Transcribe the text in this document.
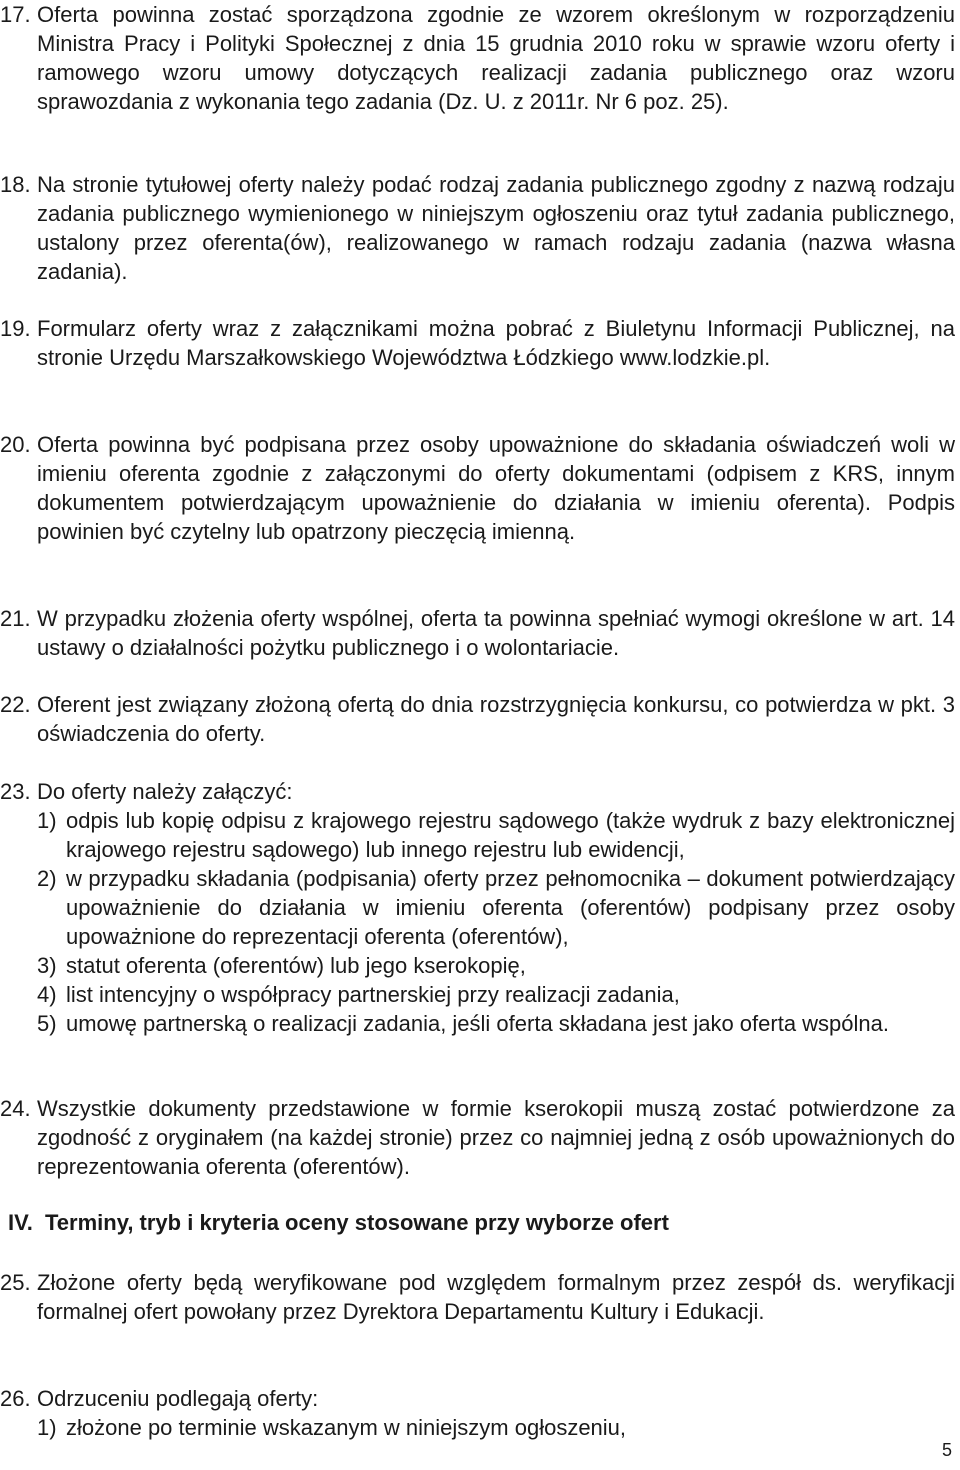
17. Oferta powinna zostać sporządzona zgodnie ze wzorem określonym w rozporządzeniu Ministra Pracy i Polityki Społecznej z dnia 15 grudnia 2010 roku w sprawie wzoru oferty i ramowego wzoru umowy dotyczących realizacji zadania publicznego oraz wzoru sprawozdania z wykonania tego zadania (Dz. U. z 2011r. Nr 6 poz. 25).
18. Na stronie tytułowej oferty należy podać rodzaj zadania publicznego zgodny z nazwą rodzaju zadania publicznego wymienionego w niniejszym ogłoszeniu oraz tytuł zadania publicznego, ustalony przez oferenta(ów), realizowanego w ramach rodzaju zadania (nazwa własna zadania).
19. Formularz oferty wraz z załącznikami można pobrać z Biuletynu Informacji Publicznej, na stronie Urzędu Marszałkowskiego Województwa Łódzkiego www.lodzkie.pl.
20. Oferta powinna być podpisana przez osoby upoważnione do składania oświadczeń woli w imieniu oferenta zgodnie z załączonymi do oferty dokumentami (odpisem z KRS, innym dokumentem potwierdzającym upoważnienie do działania w imieniu oferenta). Podpis powinien być czytelny lub opatrzony pieczęcią imienną.
21. W przypadku złożenia oferty wspólnej, oferta ta powinna spełniać wymogi określone w art. 14 ustawy o działalności pożytku publicznego i o wolontariacie.
22. Oferent jest związany złożoną ofertą do dnia rozstrzygnięcia konkursu, co potwierdza w pkt. 3 oświadczenia do oferty.
23. Do oferty należy załączyć:
1) odpis lub kopię odpisu z krajowego rejestru sądowego (także wydruk z bazy elektronicznej krajowego rejestru sądowego) lub innego rejestru lub ewidencji,
2) w przypadku składania (podpisania) oferty przez pełnomocnika – dokument potwierdzający upoważnienie do działania w imieniu oferenta (oferentów) podpisany przez osoby upoważnione do reprezentacji oferenta (oferentów),
3) statut oferenta (oferentów) lub jego kserokopię,
4) list intencyjny o współpracy partnerskiej przy realizacji zadania,
5) umowę partnerską o realizacji zadania, jeśli oferta składana jest jako oferta wspólna.
24. Wszystkie dokumenty przedstawione w formie kserokopii muszą zostać potwierdzone za zgodność z oryginałem (na każdej stronie) przez co najmniej jedną z osób upoważnionych do reprezentowania oferenta (oferentów).
IV. Terminy, tryb i kryteria oceny stosowane przy wyborze ofert
25. Złożone oferty będą weryfikowane pod względem formalnym przez zespół ds. weryfikacji formalnej ofert powołany przez Dyrektora Departamentu Kultury i Edukacji.
26. Odrzuceniu podlegają oferty:
1) złożone po terminie wskazanym w niniejszym ogłoszeniu,
5
